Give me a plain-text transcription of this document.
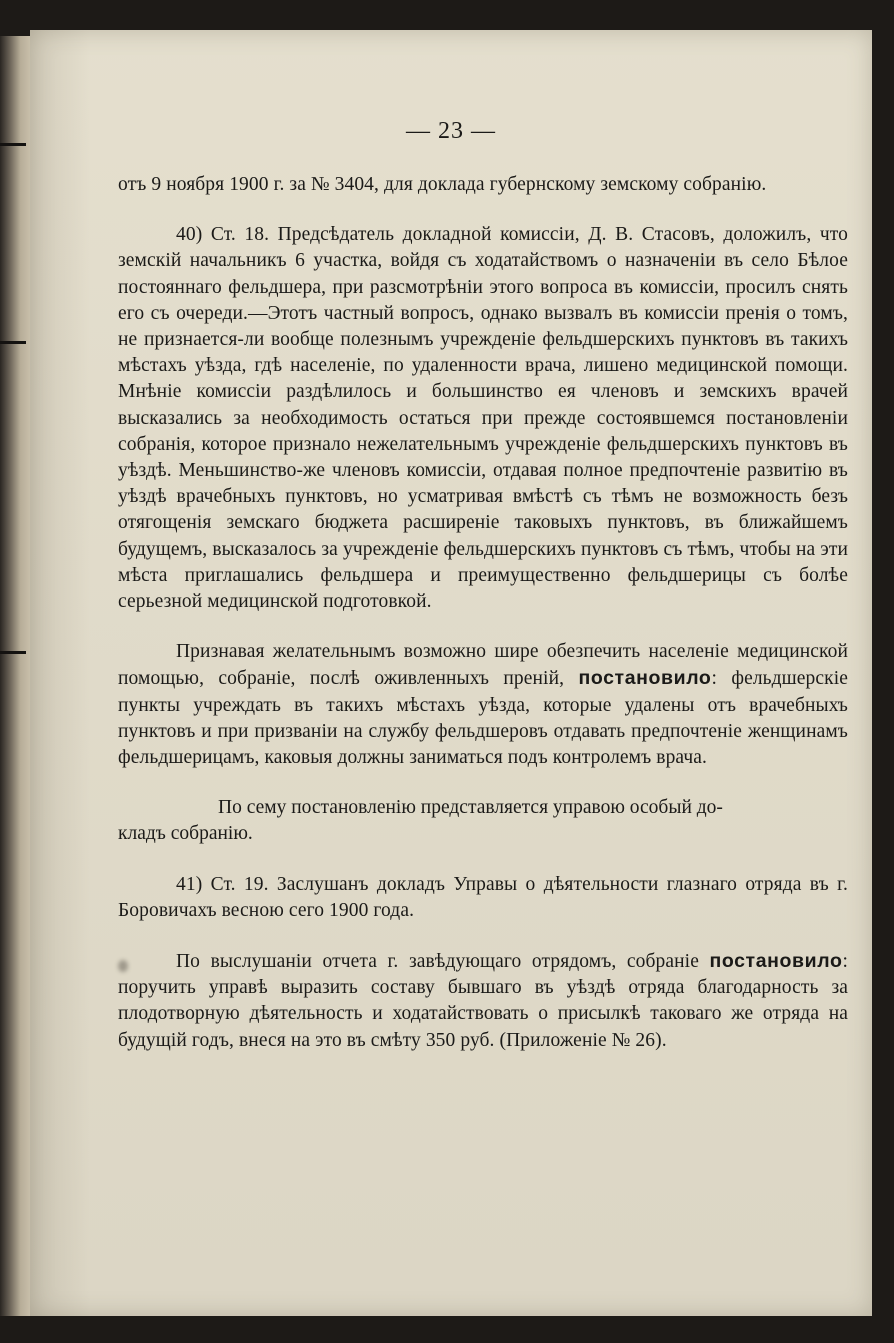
— 23 —

отъ 9 ноября 1900 г. за № 3404, для доклада губернскому земскому собранію.

40) Ст. 18. Предсѣдатель докладной комиссіи, Д. В. Стасовъ, доложилъ, что земскій начальникъ 6 участка, войдя съ ходатайствомъ о назначеніи въ село Бѣлое постояннаго фельдшера, при разсмотрѣніи этого вопроса въ комиссіи, просилъ снять его съ очереди.—Этотъ частный вопросъ, однако вызвалъ въ комиссіи пренія о томъ, не признается-ли вообще полезнымъ учрежденіе фельдшерскихъ пунктовъ въ такихъ мѣстахъ уѣзда, гдѣ населеніе, по удаленности врача, лишено медицинской помощи. Мнѣніе комиссіи раздѣлилось и большинство ея членовъ и земскихъ врачей высказались за необходимость остаться при прежде состоявшемся постановленіи собранія, которое признало нежелательнымъ учрежденіе фельдшерскихъ пунктовъ въ уѣздѣ. Меньшинство-же членовъ комиссіи, отдавая полное предпочтеніе развитію въ уѣздѣ врачебныхъ пунктовъ, но усматривая вмѣстѣ съ тѣмъ не возможность безъ отягощенія земскаго бюджета расширеніе таковыхъ пунктовъ, въ ближайшемъ будущемъ, высказалось за учрежденіе фельдшерскихъ пунктовъ съ тѣмъ, чтобы на эти мѣста приглашались фельдшера и преимущественно фельдшерицы съ болѣе серьезной медицинской подготовкой.

Признавая желательнымъ возможно шире обезпечить населеніе медицинской помощью, собраніе, послѣ оживленныхъ преній, постановило: фельдшерскіе пункты учреждать въ такихъ мѣстахъ уѣзда, которые удалены отъ врачебныхъ пунктовъ и при призваніи на службу фельдшеровъ отдавать предпочтеніе женщинамъ фельдшерицамъ, каковыя должны заниматься подъ контролемъ врача.

По сему постановленію представляется управою особый до-
кладъ собранію.

41) Ст. 19. Заслушанъ докладъ Управы о дѣятельности глазнаго отряда въ г. Боровичахъ весною сего 1900 года.

По выслушаніи отчета г. завѣдующаго отрядомъ, собраніе постановило: поручить управѣ выразить составу бывшаго въ уѣздѣ отряда благодарность за плодотворную дѣятельность и ходатайствовать о присылкѣ таковаго же отряда на будущій годъ, внеся на это въ смѣту 350 руб. (Приложеніе № 26).
